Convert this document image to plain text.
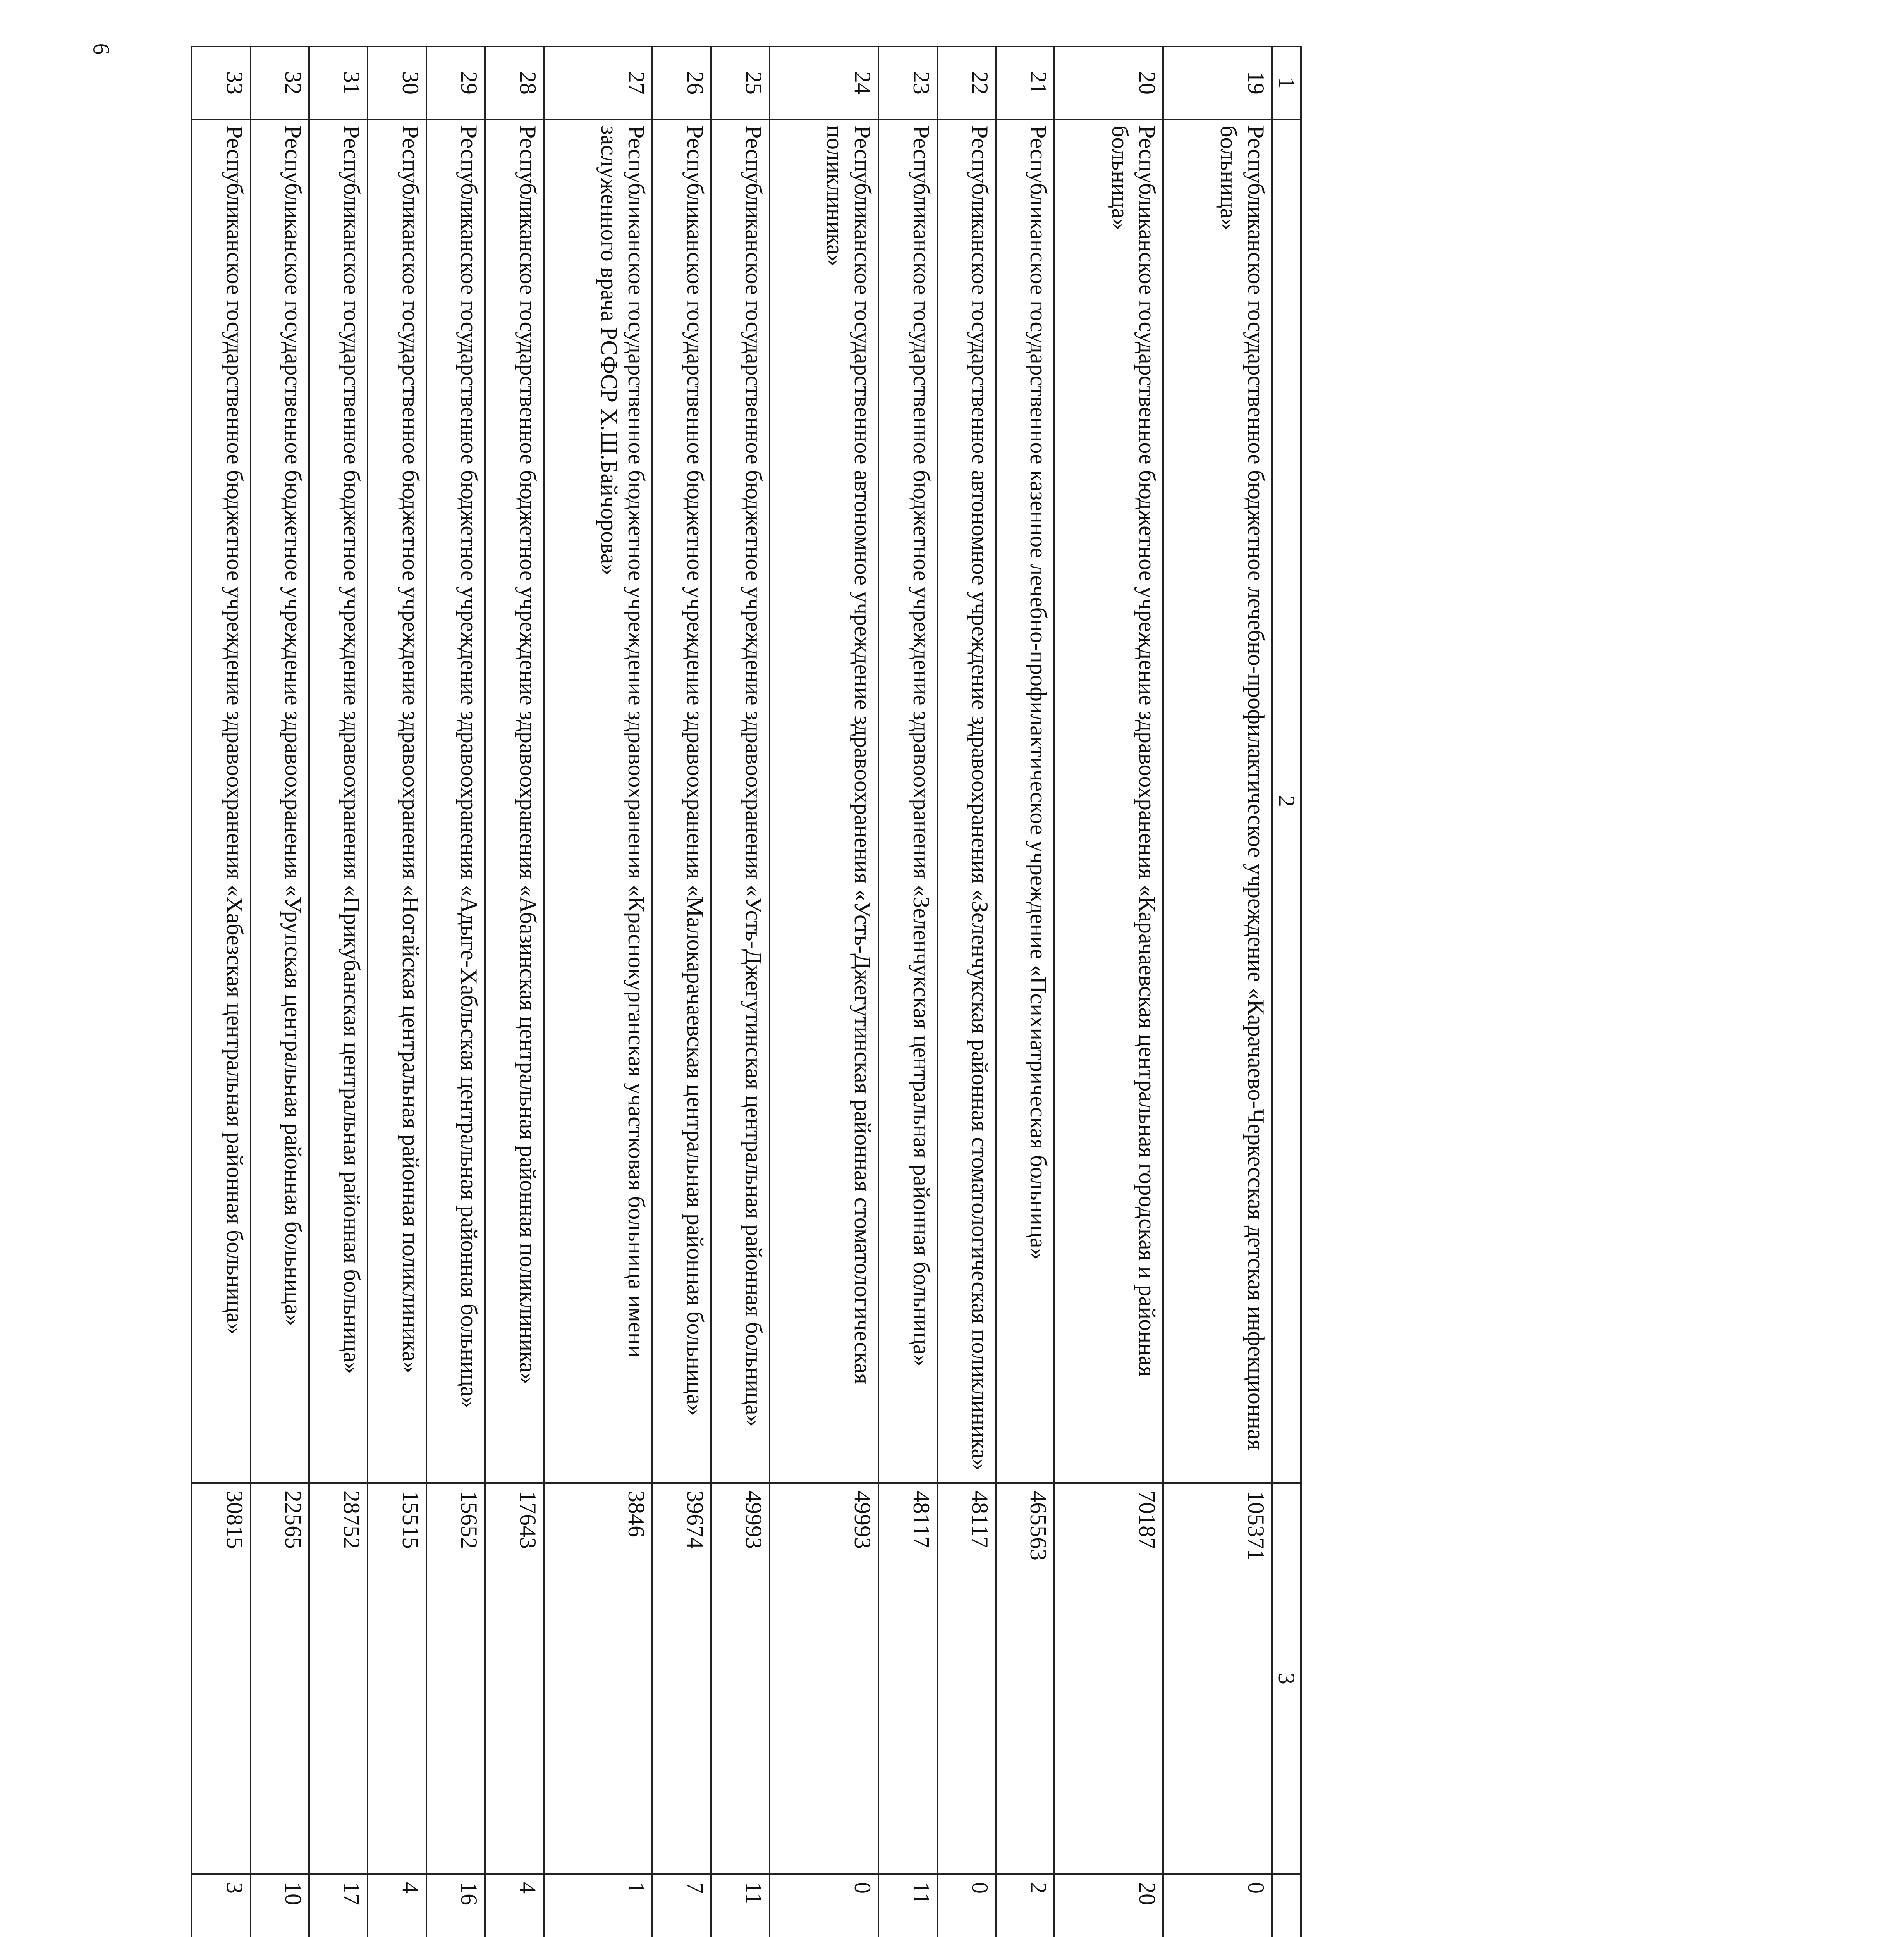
6
1	2	3		
19	Республиканское государственное бюджетное лечебно-профилактическое учреждение «Карачаево-Черкесская детская инфекционная больница»	105371	0	
20	Республиканское государственное бюджетное учреждение здравоохранения «Карачаевская центральная городская и районная больница»	70187	20	
21	Республиканское государственное казенное лечебно-профилактическое учреждение «Психиатрическая больница»	465563	2	
22	Республиканское государственное автономное учреждение здравоохранения «Зеленчукская районная стоматологическая поликлиника»	48117	0	
23	Республиканское государственное бюджетное учреждение здравоохранения «Зеленчукская центральная районная больница»	48117	11	
24	Республиканское государственное автономное учреждение здравоохранения «Усть-Джегутинская районная стоматологическая поликлиника»	49993	0	
25	Республиканское государственное бюджетное учреждение здравоохранения «Усть-Джегутинская центральная районная больница»	49993	11	
26	Республиканское государственное бюджетное учреждение здравоохранения «Малокарачаевская центральная районная больница»	39674	7	
27	Республиканское государственное бюджетное учреждение здравоохранения «Краснокурганская участковая больница имени заслуженного врача РСФСР Х.Ш.Байчорова»	3846	1	
28	Республиканское государственное бюджетное учреждение здравоохранения «Абазинская центральная районная поликлиника»	17643	4	
29	Республиканское государственное бюджетное учреждение здравоохранения «Адыге-Хабльская центральная районная больница»	15652	16	
30	Республиканское государственное бюджетное учреждение здравоохранения «Ногайская центральная районная поликлиника»	15515	4	
31	Республиканское государственное бюджетное учреждение здравоохранения «Прикубанская центральная районная больница»	28752	17	
32	Республиканское государственное бюджетное учреждение здравоохранения «Урупская центральная районная больница»	22565	10	
33	Республиканское государственное бюджетное учреждение здравоохранения «Хабезская центральная районная больница»	30815	3	
